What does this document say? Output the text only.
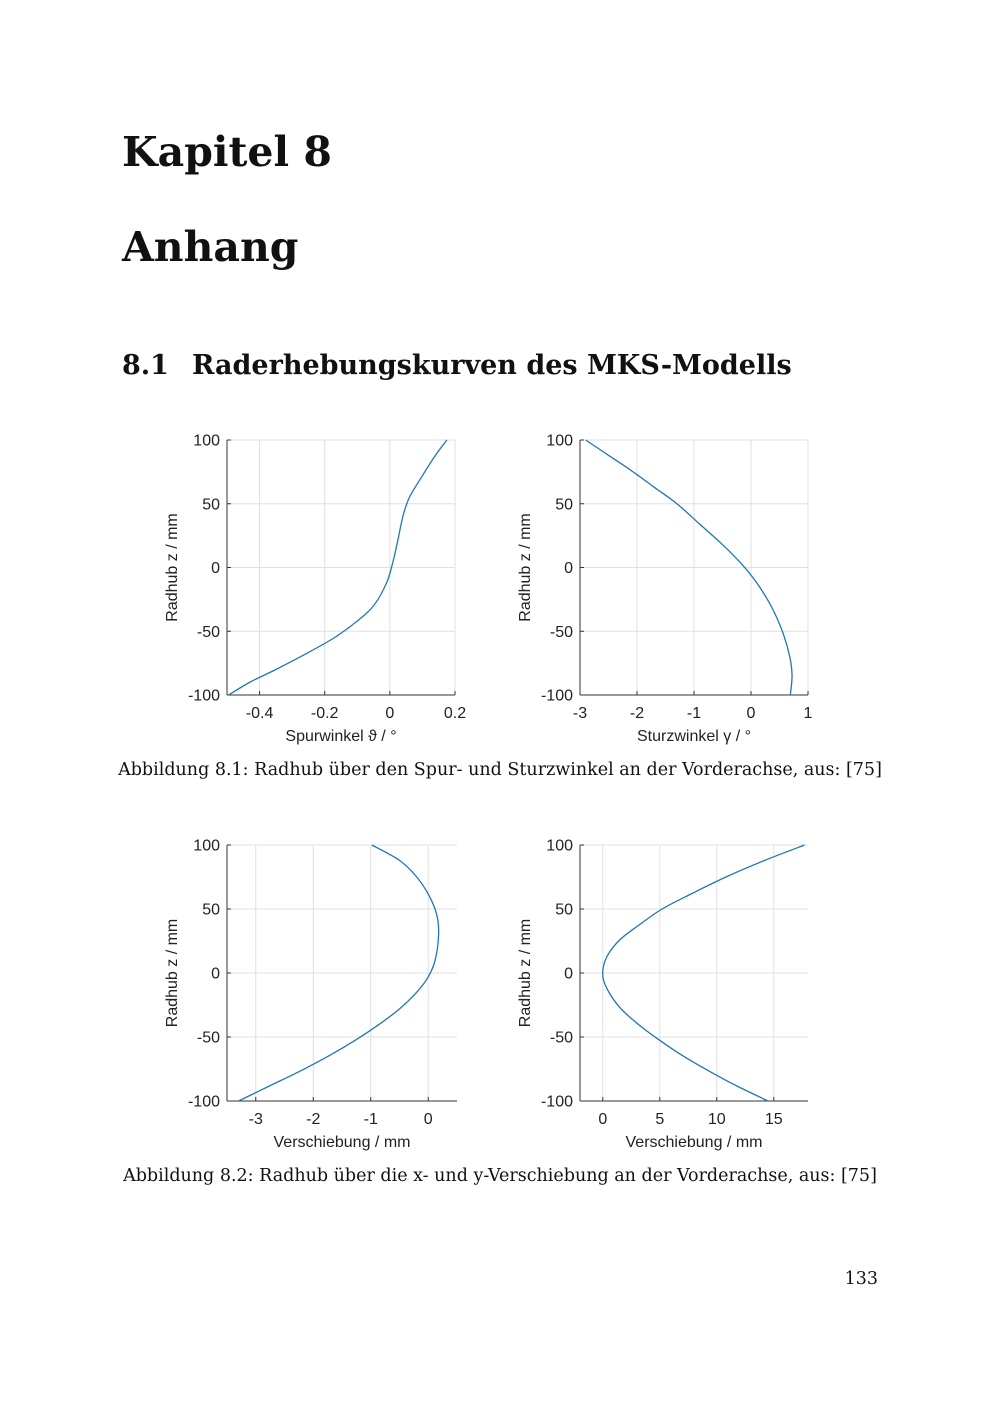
Kapitel 8
Anhang
8.1 Raderhebungskurven des MKS-Modells
-0.4 -0.2	0	0.2
-100
-50
0
50
100
Spurwinkel ϑ / °
Radhub z / mm
-3	-2	-1	0	1
-100
-50
0
50
100
Sturzwinkel γ / °
Radhub z / mm

Abbildung 8.1: Radhub über den Spur- und Sturzwinkel an der Vorderachse, aus: [75]

-3	-2	-1	0
-100
-50
0
50
100
Verschiebung / mm
Radhub z / mm
0	5	10 15
-100
-50
0
50
100
Verschiebung / mm
Radhub z / mm

Abbildung 8.2: Radhub über die x- und y-Verschiebung an der Vorderachse, aus: [75]

133
